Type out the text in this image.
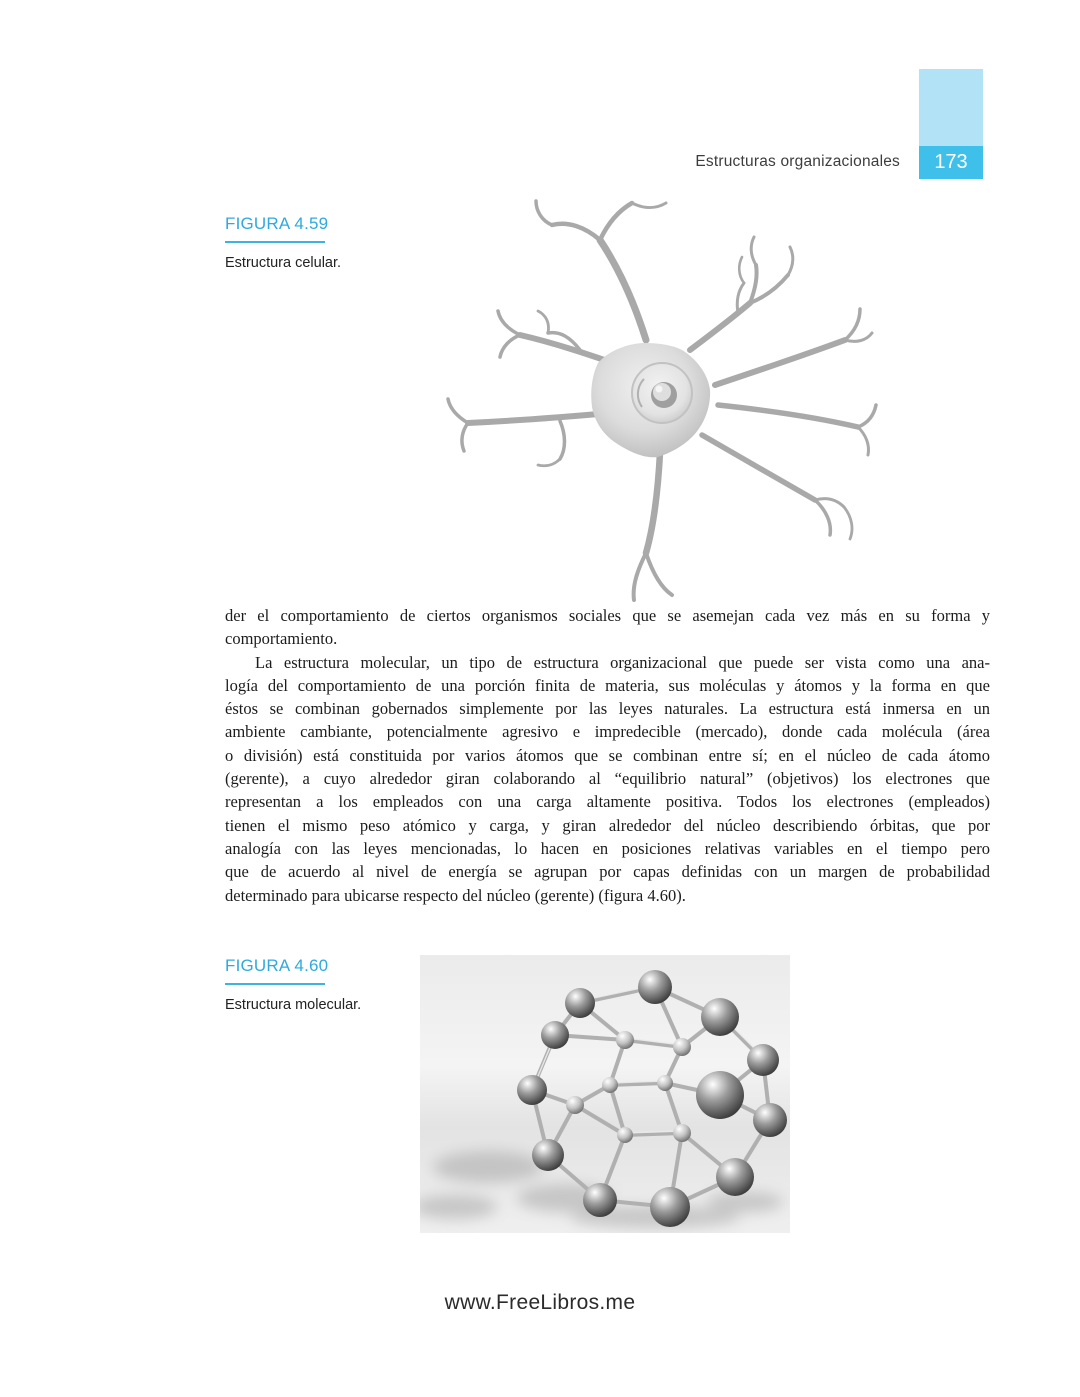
Estructuras organizacionales	173
FIGURA 4.59
Estructura celular.
der el comportamiento de ciertos organismos sociales que se asemejan cada vez más en su forma y
comportamiento.
La estructura molecular, un tipo de estructura organizacional que puede ser vista como una ana-
logía del comportamiento de una porción finita de materia, sus moléculas y átomos y la forma en que
éstos se combinan gobernados simplemente por las leyes naturales. La estructura está inmersa en un
ambiente cambiante, potencialmente agresivo e impredecible (mercado), donde cada molécula (área
o división) está constituida por varios átomos que se combinan entre sí; en el núcleo de cada átomo
(gerente), a cuyo alrededor giran colaborando al “equilibrio natural” (objetivos) los electrones que
representan a los empleados con una carga altamente positiva. Todos los electrones (empleados)
tienen el mismo peso atómico y carga, y giran alrededor del núcleo describiendo órbitas, que por
analogía con las leyes mencionadas, lo hacen en posiciones relativas variables en el tiempo pero
que de acuerdo al nivel de energía se agrupan por capas definidas con un margen de probabilidad
determinado para ubicarse respecto del núcleo (gerente) (figura 4.60).
FIGURA 4.60
Estructura molecular.
www.FreeLibros.me
